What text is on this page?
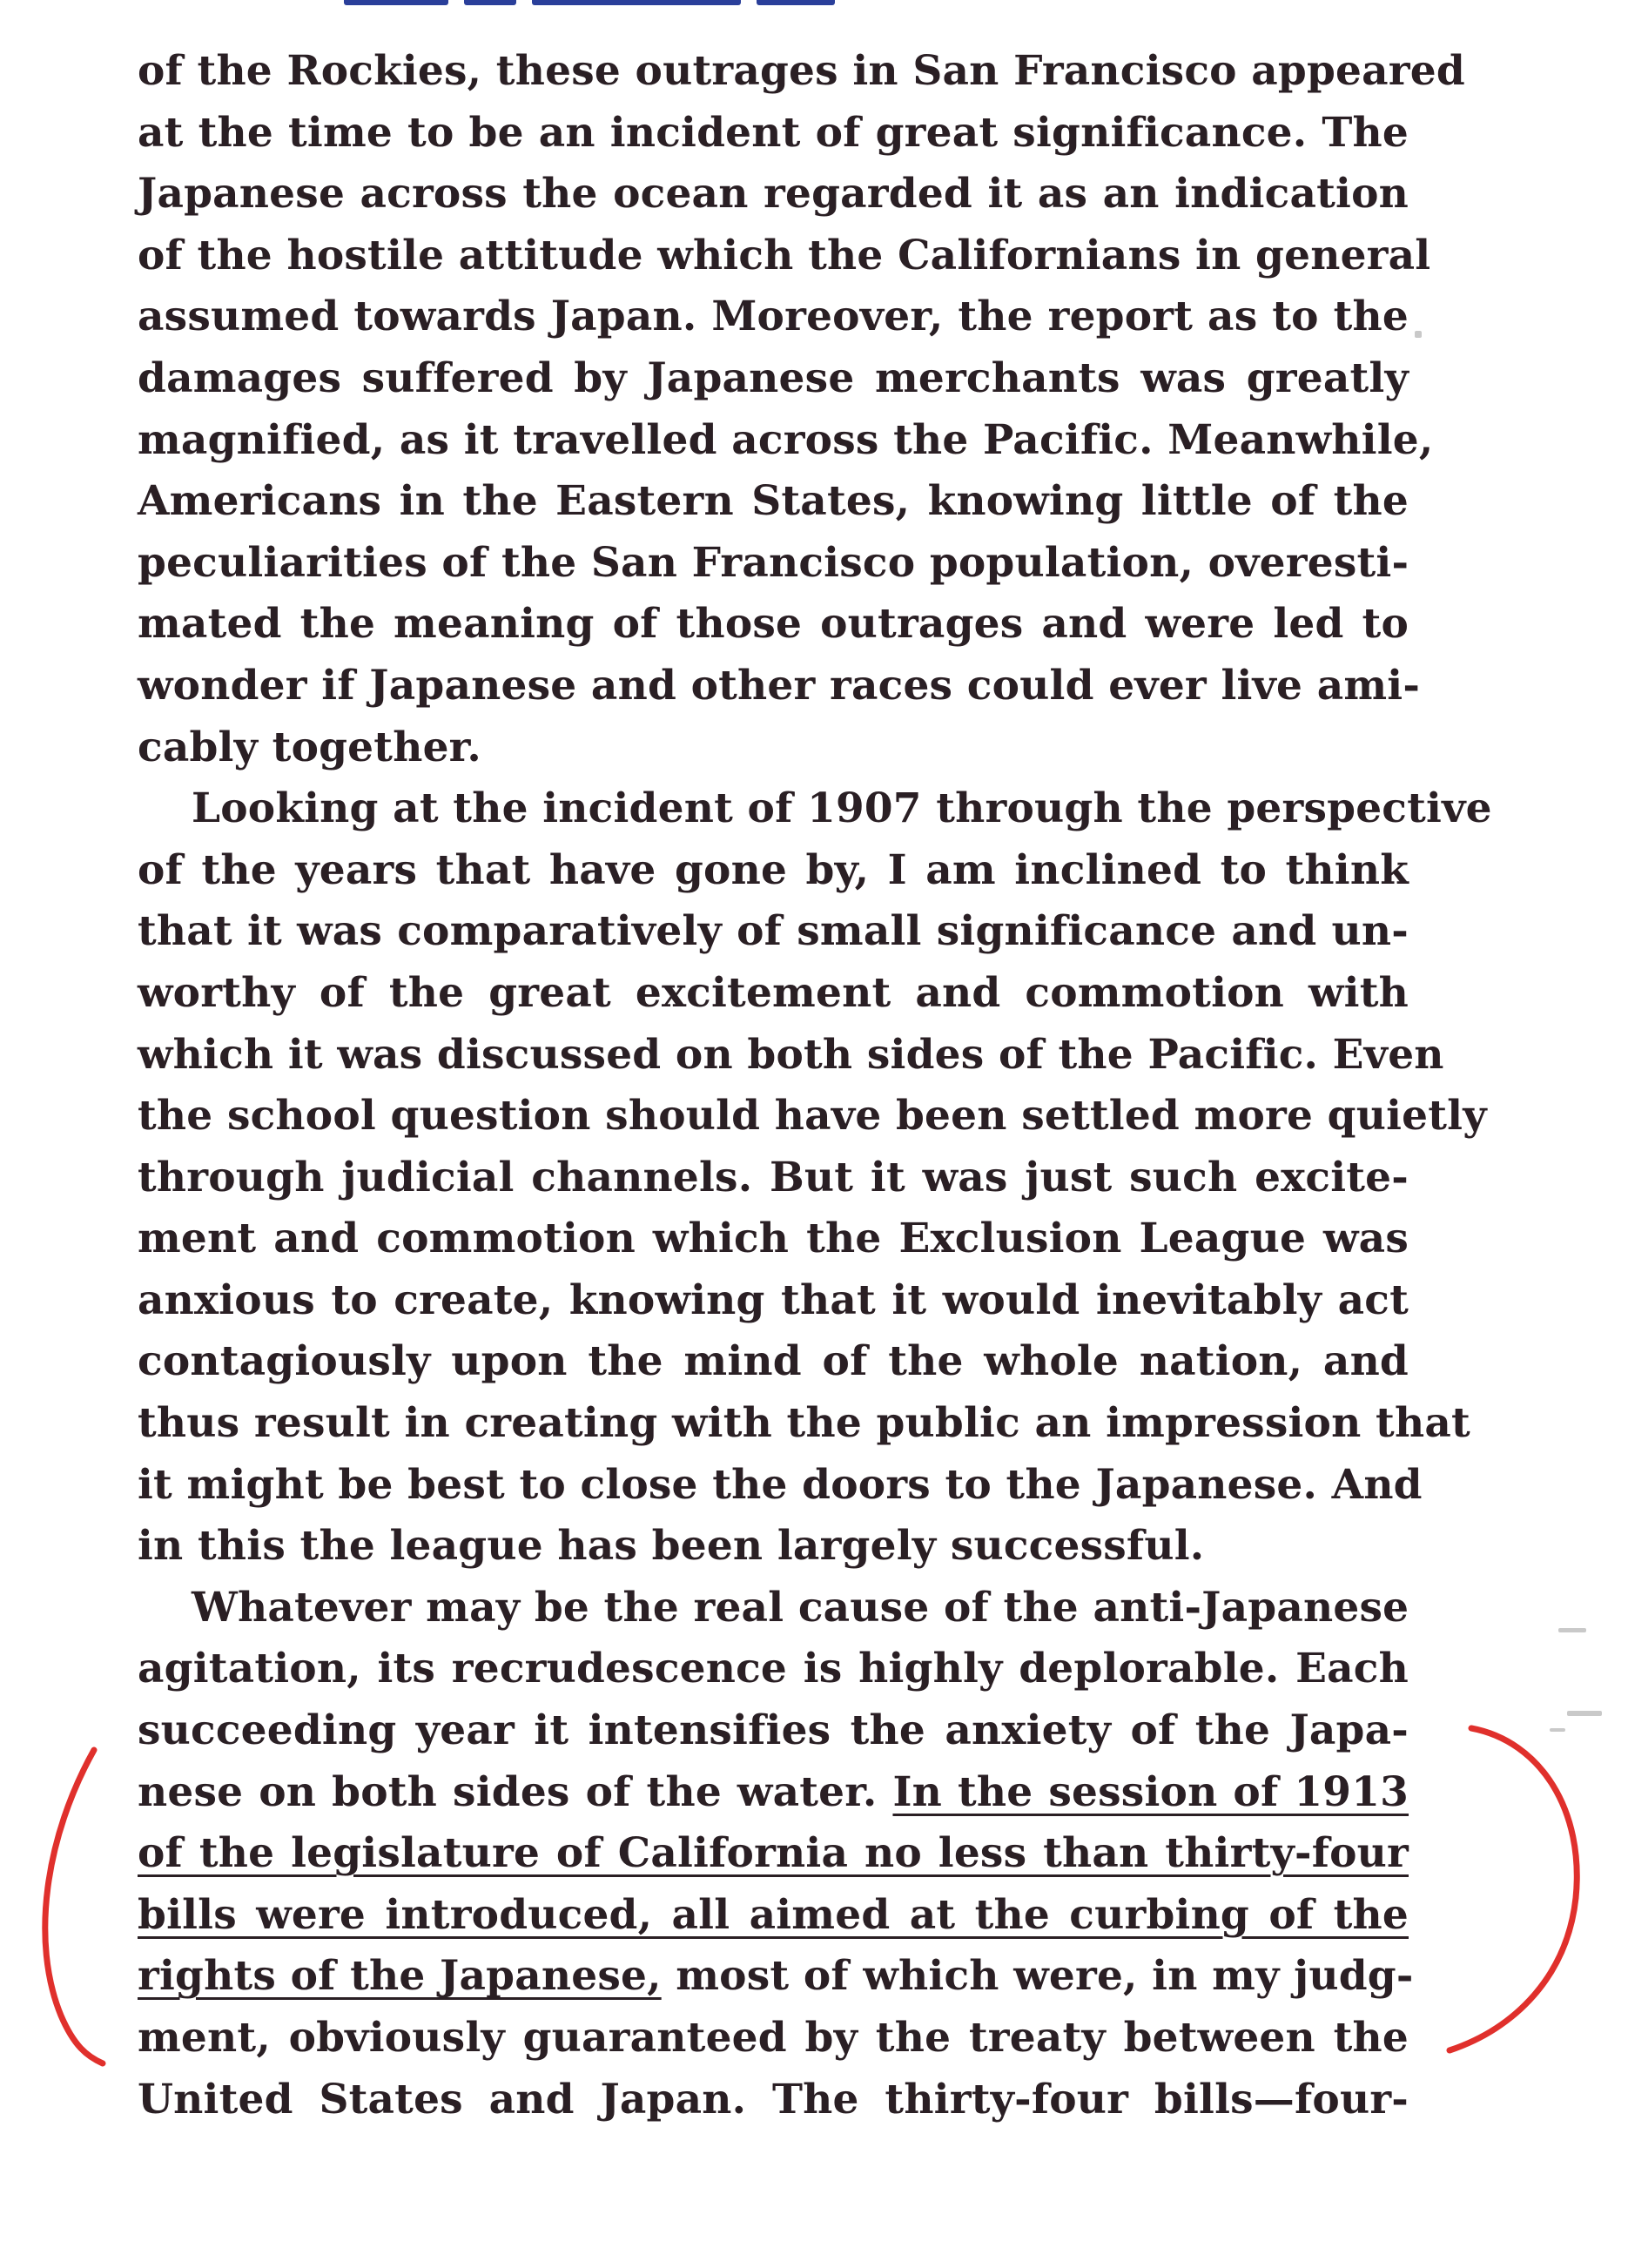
of the Rockies, these outrages in San Francisco appeared
at the time to be an incident of great significance. The
Japanese across the ocean regarded it as an indication
of the hostile attitude which the Californians in general
assumed towards Japan. Moreover, the report as to the
damages suffered by Japanese merchants was greatly
magnified, as it travelled across the Pacific. Meanwhile,
Americans in the Eastern States, knowing little of the
peculiarities of the San Francisco population, overesti-
mated the meaning of those outrages and were led to
wonder if Japanese and other races could ever live ami-
cably together.
Looking at the incident of 1907 through the perspective
of the years that have gone by, I am inclined to think
that it was comparatively of small significance and un-
worthy of the great excitement and commotion with
which it was discussed on both sides of the Pacific. Even
the school question should have been settled more quietly
through judicial channels. But it was just such excite-
ment and commotion which the Exclusion League was
anxious to create, knowing that it would inevitably act
contagiously upon the mind of the whole nation, and
thus result in creating with the public an impression that
it might be best to close the doors to the Japanese. And
in this the league has been largely successful.
Whatever may be the real cause of the anti-Japanese
agitation, its recrudescence is highly deplorable. Each
succeeding year it intensifies the anxiety of the Japa-
nese on both sides of the water. In the session of 1913
of the legislature of California no less than thirty-four
bills were introduced, all aimed at the curbing of the
rights of the Japanese, most of which were, in my judg-
ment, obviously guaranteed by the treaty between the
United States and Japan. The thirty-four bills—four-
